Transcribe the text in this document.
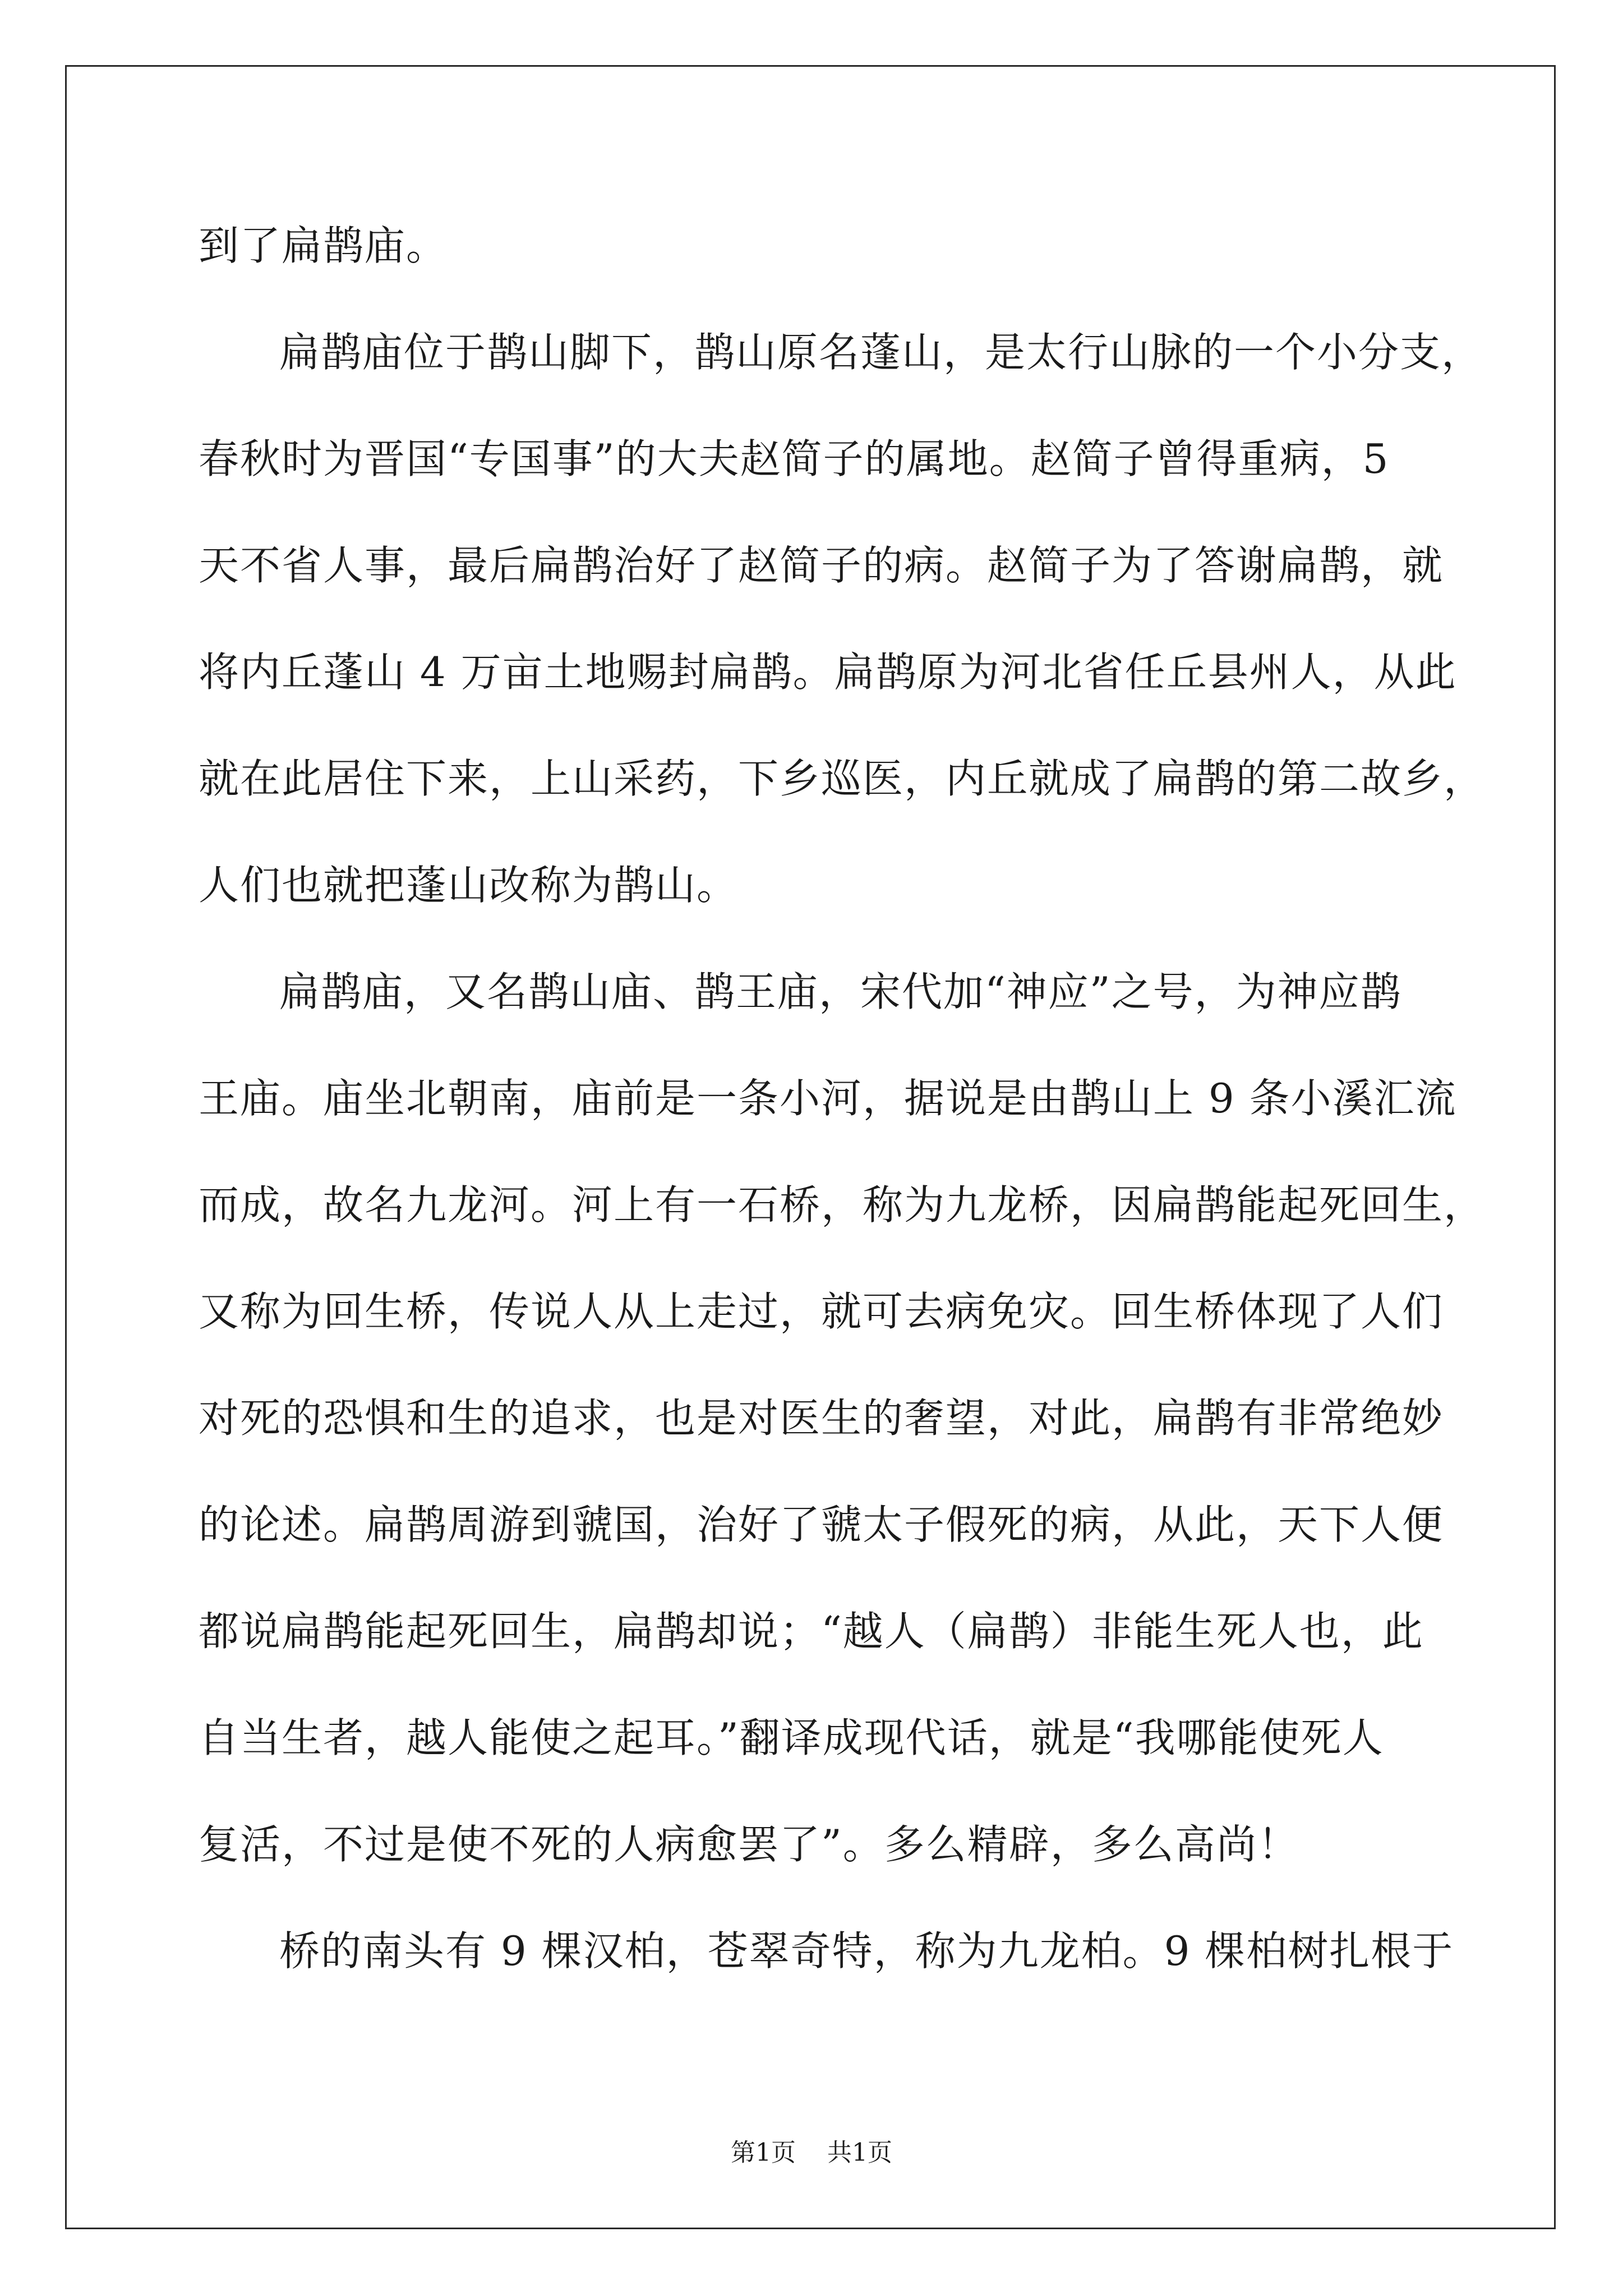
到了扁鹊庙。
扁鹊庙位于鹊山脚下，鹊山原名蓬山，是太行山脉的一个小分支，
春秋时为晋国“专国事”的大夫赵简子的属地。赵简子曾得重病，5
天不省人事，最后扁鹊治好了赵简子的病。赵简子为了答谢扁鹊，就
将内丘蓬山 4 万亩土地赐封扁鹊。扁鹊原为河北省任丘县州人，从此
就在此居住下来，上山采药，下乡巡医，内丘就成了扁鹊的第二故乡，
人们也就把蓬山改称为鹊山。
扁鹊庙，又名鹊山庙、鹊王庙，宋代加“神应”之号，为神应鹊
王庙。庙坐北朝南，庙前是一条小河，据说是由鹊山上 9 条小溪汇流
而成，故名九龙河。河上有一石桥，称为九龙桥，因扁鹊能起死回生，
又称为回生桥，传说人从上走过，就可去病免灾。回生桥体现了人们
对死的恐惧和生的追求，也是对医生的奢望，对此，扁鹊有非常绝妙
的论述。扁鹊周游到虢国，治好了虢太子假死的病，从此，天下人便
都说扁鹊能起死回生，扁鹊却说；“越人（扁鹊）非能生死人也，此
自当生者，越人能使之起耳。”翻译成现代话，就是“我哪能使死人
复活，不过是使不死的人病愈罢了”。多么精辟，多么高尚！
桥的南头有 9 棵汉柏，苍翠奇特，称为九龙柏。9 棵柏树扎根于
第1页 共1页
